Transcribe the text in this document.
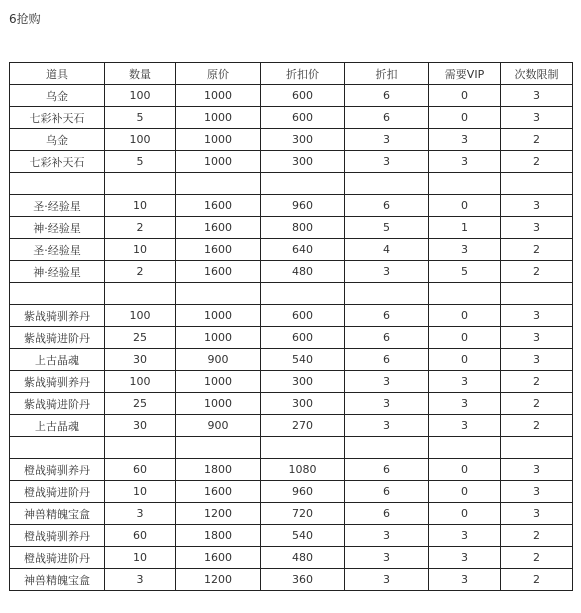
6抢购
道具	数量	原价	折扣价	折扣	需要VIP	次数限制
乌金	100	1000	600	6	0	3
七彩补天石	5	1000	600	6	0	3
乌金	100	1000	300	3	3	2
七彩补天石	5	1000	300	3	3	2

圣·经验星	10	1600	960	6	0	3
神·经验星	2	1600	800	5	1	3
圣·经验星	10	1600	640	4	3	2
神·经验星	2	1600	480	3	5	2

紫战骑驯养丹	100	1000	600	6	0	3
紫战骑进阶丹	25	1000	600	6	0	3
上古晶魂	30	900	540	6	0	3
紫战骑驯养丹	100	1000	300	3	3	2
紫战骑进阶丹	25	1000	300	3	3	2
上古晶魂	30	900	270	3	3	2

橙战骑驯养丹	60	1800	1080	6	0	3
橙战骑进阶丹	10	1600	960	6	0	3
神兽精魄宝盒	3	1200	720	6	0	3
橙战骑驯养丹	60	1800	540	3	3	2
橙战骑进阶丹	10	1600	480	3	3	2
神兽精魄宝盒	3	1200	360	3	3	2
